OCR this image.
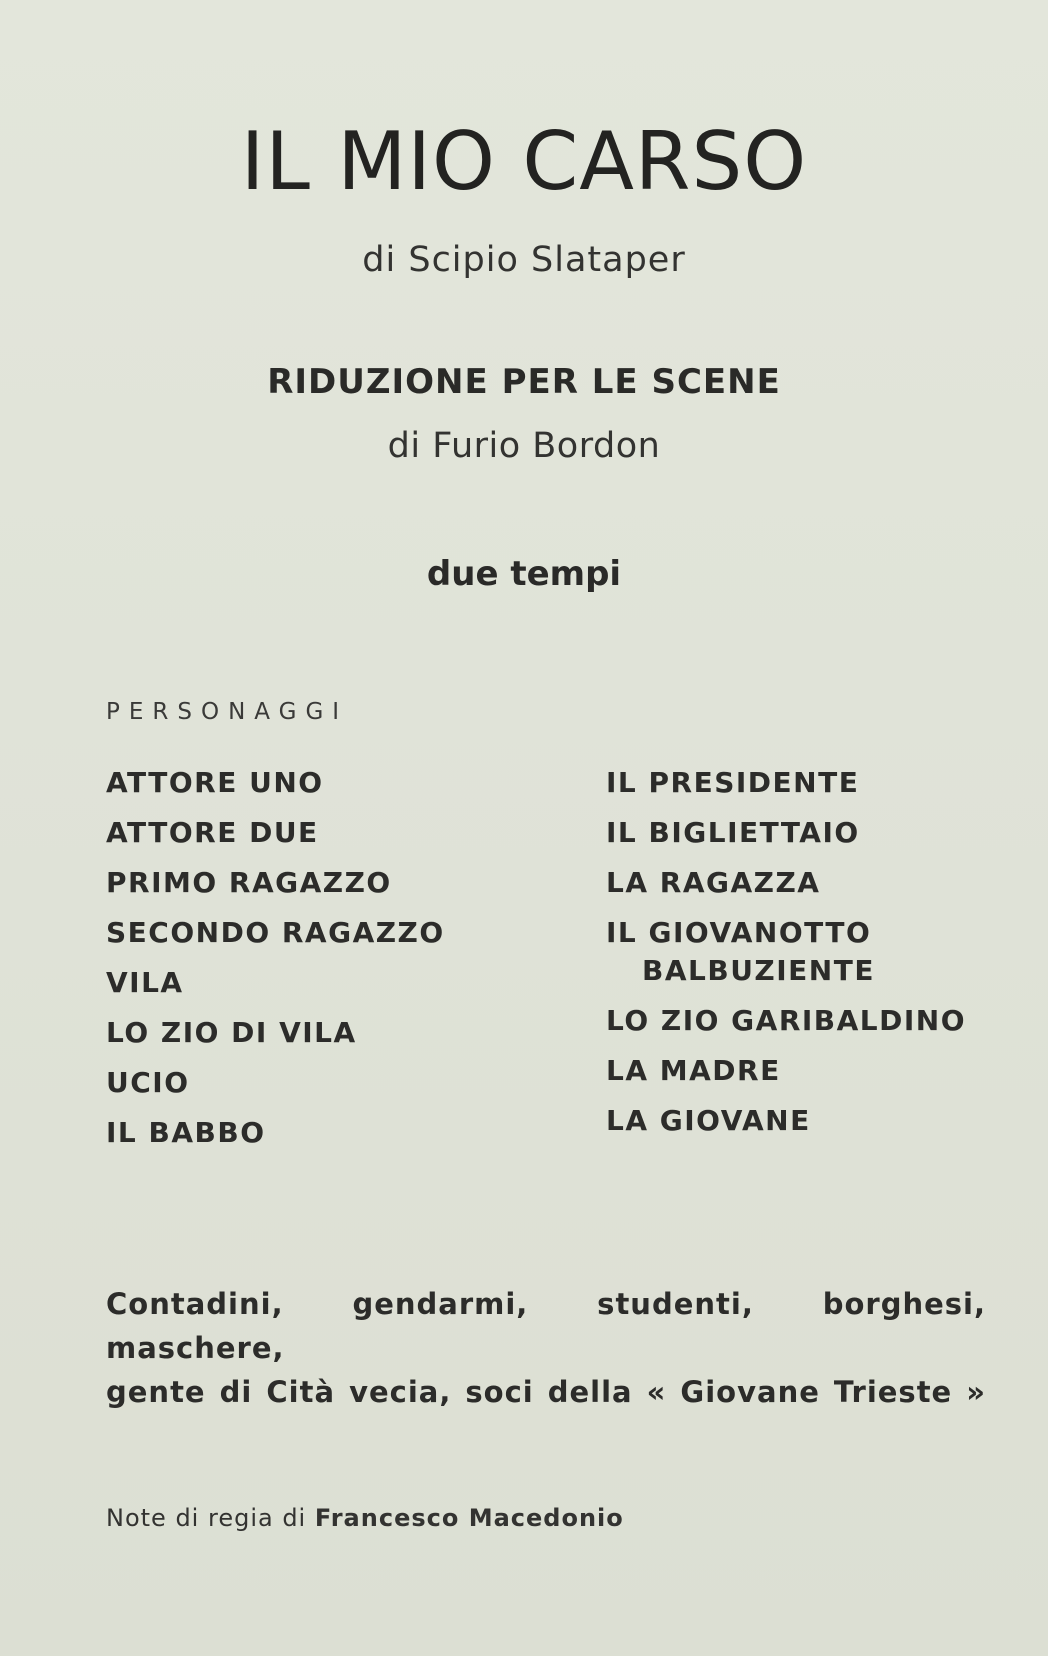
IL MIO CARSO
di Scipio Slataper
RIDUZIONE PER LE SCENE
di Furio Bordon
due tempi
PERSONAGGI
ATTORE UNO
ATTORE DUE
PRIMO RAGAZZO
SECONDO RAGAZZO
VILA
LO ZIO DI VILA
UCIO
IL BABBO
IL PRESIDENTE
IL BIGLIETTAIO
LA RAGAZZA
IL GIOVANOTTO
BALBUZIENTE
LO ZIO GARIBALDINO
LA MADRE
LA GIOVANE
Contadini, gendarmi, studenti, borghesi, maschere,
gente di Cità vecia, soci della « Giovane Trieste »
Note di regia di Francesco Macedonio
